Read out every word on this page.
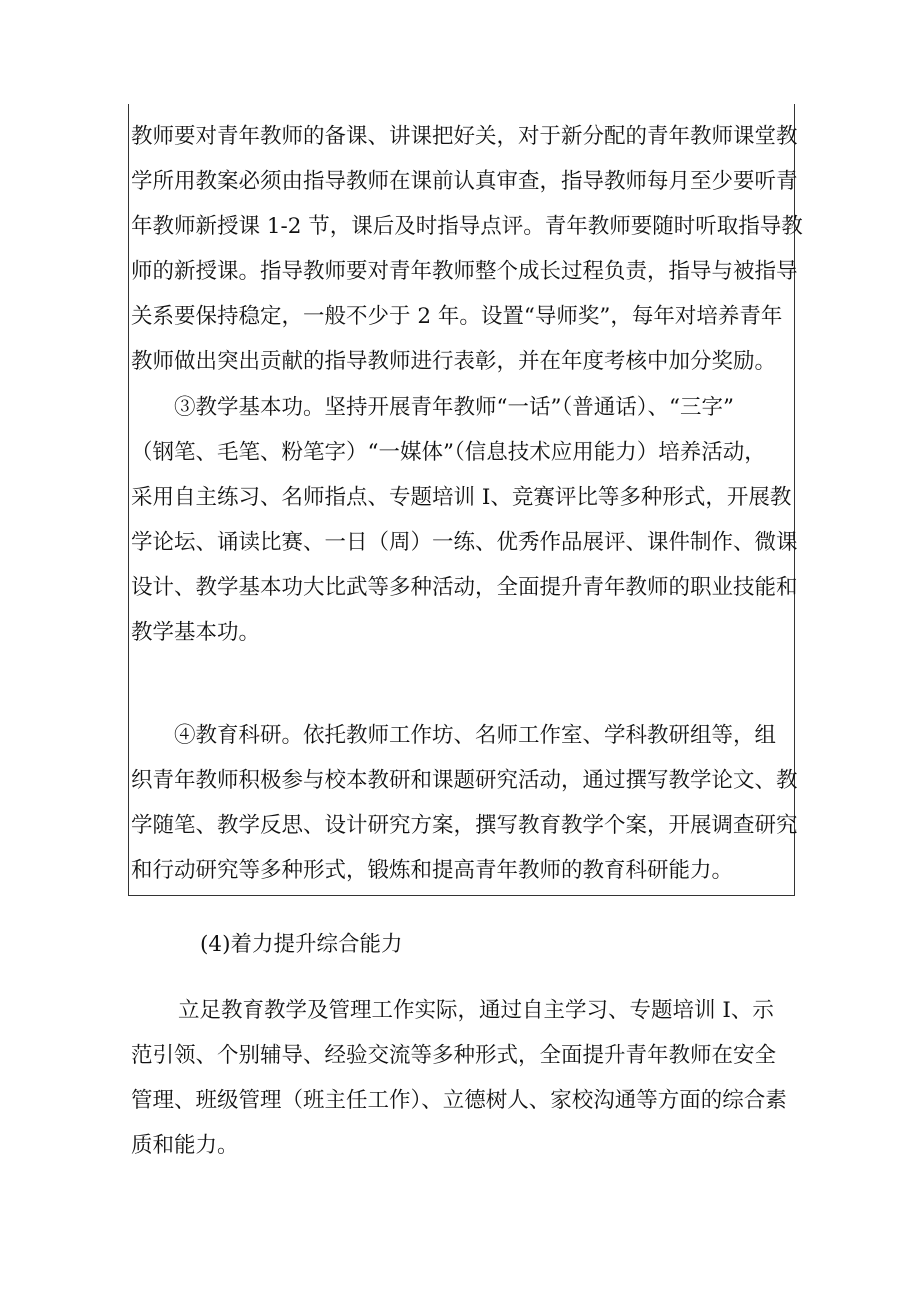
教师要对青年教师的备课、讲课把好关，对于新分配的青年教师课堂教
学所用教案必须由指导教师在课前认真审查，指导教师每月至少要听青
年教师新授课 1-2 节，课后及时指导点评。青年教师要随时听取指导教
师的新授课。指导教师要对青年教师整个成长过程负责，指导与被指导
关系要保持稳定，一般不少于 2 年。设置“导师奖”，每年对培养青年
教师做出突出贡献的指导教师进行表彰，并在年度考核中加分奖励。
③教学基本功。坚持开展青年教师“一话”（普通话）、“三字”
（钢笔、毛笔、粉笔字）“一媒体”（信息技术应用能力）培养活动，
采用自主练习、名师指点、专题培训 I、竞赛评比等多种形式，开展教
学论坛、诵读比赛、一日（周）一练、优秀作品展评、课件制作、微课
设计、教学基本功大比武等多种活动，全面提升青年教师的职业技能和
教学基本功。
④教育科研。依托教师工作坊、名师工作室、学科教研组等，组
织青年教师积极参与校本教研和课题研究活动，通过撰写教学论文、教
学随笔、教学反思、设计研究方案，撰写教育教学个案，开展调查研究
和行动研究等多种形式，锻炼和提高青年教师的教育科研能力。
(4)着力提升综合能力
立足教育教学及管理工作实际，通过自主学习、专题培训 I、示
范引领、个别辅导、经验交流等多种形式，全面提升青年教师在安全
管理、班级管理（班主任工作）、立德树人、家校沟通等方面的综合素
质和能力。
